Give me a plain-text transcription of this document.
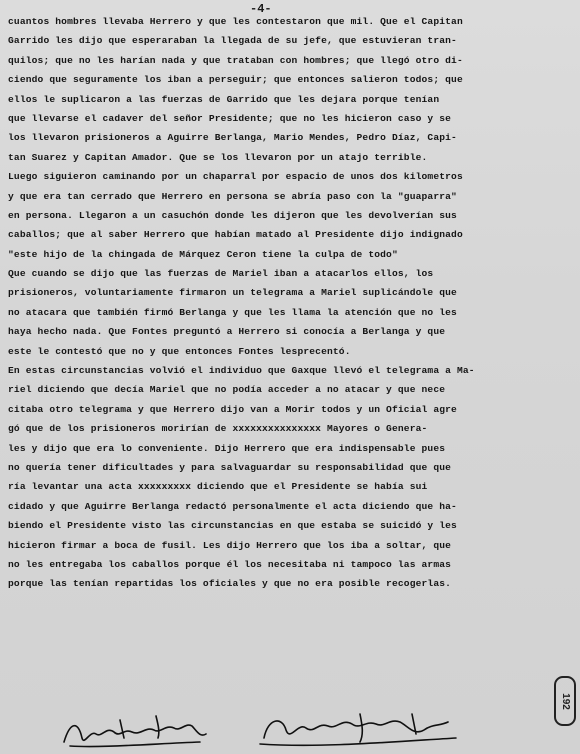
-4-
cuantos hombres llevaba Herrero y que les contestaron que mil. Que el Capitan
Garrido les dijo que esperaraban la llegada de su jefe, que estuvieran tran-
quilos; que no les harían nada y que trataban con hombres; que llegó otro di-
ciendo que seguramente los iban a perseguir; que entonces salieron todos; que
ellos le suplicaron a las fuerzas de Garrido que les dejara porque tenían
que llevarse el cadaver del señor Presidente; que no les hicieron caso y se
los llevaron prisioneros a Aguirre Berlanga, Mario Mendes, Pedro Díaz, Capi-
tan Suarez y Capitan Amador. Que se los llevaron por un atajo terrible.
Luego siguieron caminando por un chaparral por espacio de unos dos kilometros
y que era tan cerrado que Herrero en persona se abría paso con la "guaparra"
en persona. Llegaron a un casuchón donde les dijeron que les devolverían sus
caballos; que al saber Herrero que habían matado al Presidente dijo indignado
"este hijo de la chingada de Márquez Ceron tiene la culpa de todo"
Que cuando se dijo que las fuerzas de Mariel iban a atacarlos ellos, los
prisioneros, voluntariamente firmaron un telegrama a Mariel suplicándole que
no atacara que también firmó Berlanga y que les llama la atención que no les
haya hecho nada. Que Fontes preguntó a Herrero si conocía a Berlanga y que
este le contestó que no y que entonces Fontes lesprecentó.
En estas circunstancias volvió el individuo que Gaxque llevó el telegrama a Ma-
riel diciendo que decía Mariel que no podía acceder a no atacar y que nece
citaba otro telegrama y que Herrero dijo van a Morir todos y un Oficial agre
gó que de los prisioneros morirían de xxxxxxxxxxxxxxx Mayores o Genera-
les y dijo que era lo conveniente. Dijo Herrero que era indispensable pues
no quería tener dificultades y para salvaguardar su responsabilidad que que
ría levantar una acta xxxxxxxxx diciendo que el Presidente se había sui
cidado y que Aguirre Berlanga redactó personalmente el acta diciendo que ha-
biendo el Presidente visto las circunstancias en que estaba se suicidó y les
hicieron firmar a boca de fusil. Les dijo Herrero que los iba a soltar, que
no les entregaba los caballos porque él los necesitaba ni tampoco las armas
porque las tenían repartidas los oficiales y que no era posible recogerlas.
192
